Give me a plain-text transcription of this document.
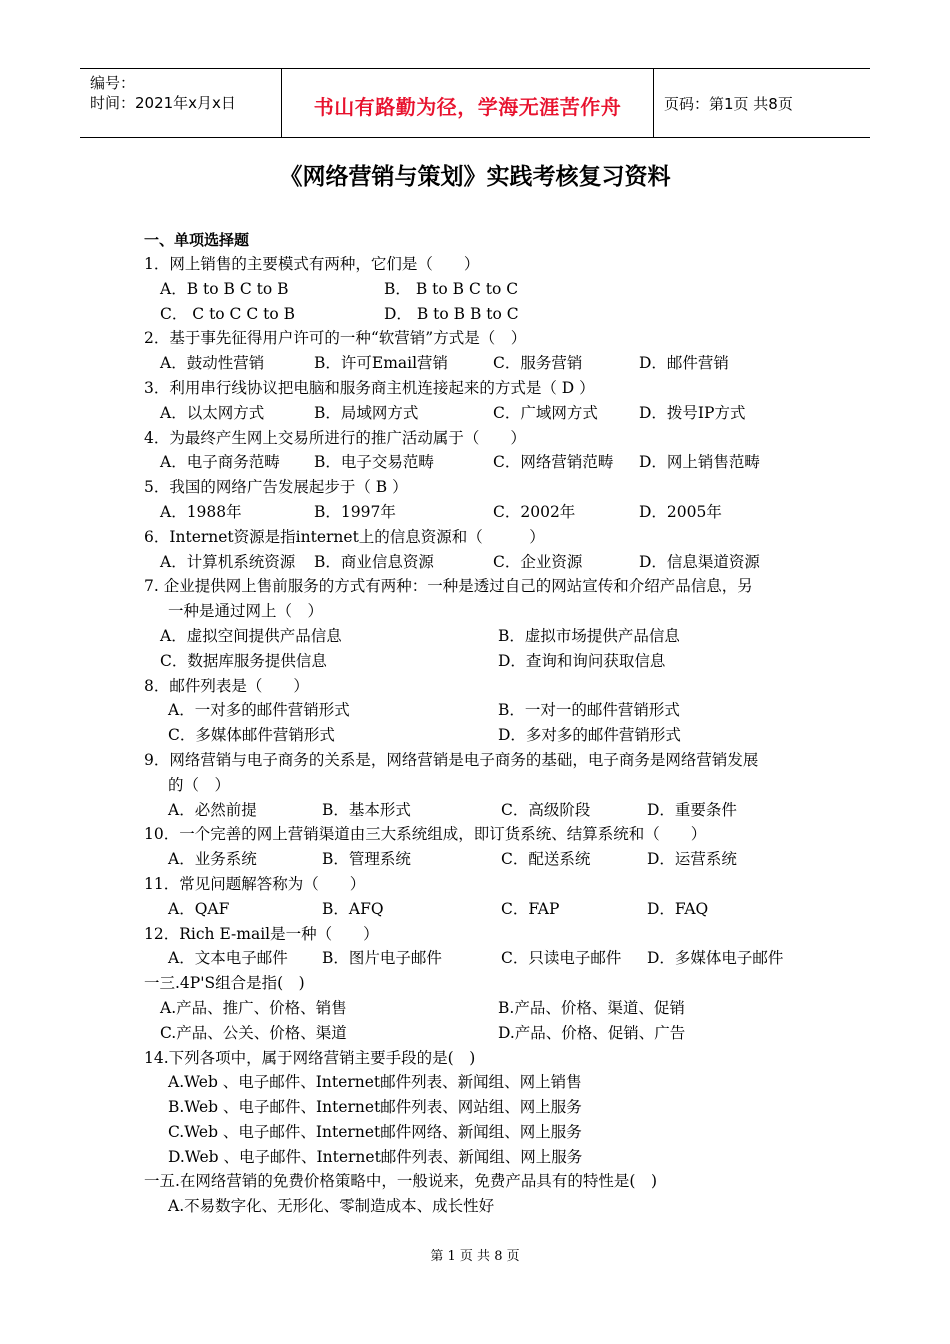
编号：
时间：2021年x月x日	书山有路勤为径，学海无涯苦作舟	页码：第1页 共8页
《网络营销与策划》实践考核复习资料
一、单项选择题
1．网上销售的主要模式有两种，它们是（　　）
A．B to B C to B	B． B to B C to C
C． C to C C to B	D． B to B B to C
2．基于事先征得用户许可的一种“软营销”方式是（　）
A．鼓动性营销	B．许可Email营销	C．服务营销	D．邮件营销
3．利用串行线协议把电脑和服务商主机连接起来的方式是（ D ）
A．以太网方式	B．局域网方式	C．广域网方式	D．拨号IP方式
4．为最终产生网上交易所进行的推广活动属于（　　）
A．电子商务范畴 B．电子交易范畴	C．网络营销范畴 D．网上销售范畴
5．我国的网络广告发展起步于（ B ）
A．1988年	B．1997年	C．2002年	D．2005年
6．Internet资源是指internet上的信息资源和（　　　）
A．计算机系统资源 B．商业信息资源	C．企业资源	D．信息渠道资源
7. 企业提供网上售前服务的方式有两种：一种是透过自己的网站宣传和介绍产品信息，另
一种是通过网上（　）
A．虚拟空间提供产品信息	B．虚拟市场提供产品信息
C．数据库服务提供信息	D．查询和询问获取信息
8．邮件列表是（　　）
A．一对多的邮件营销形式	B．一对一的邮件营销形式
C．多媒体邮件营销形式	D．多对多的邮件营销形式
9．网络营销与电子商务的关系是，网络营销是电子商务的基础，电子商务是网络营销发展
的（　）
A．必然前提	B．基本形式	C．高级阶段	D．重要条件
10．一个完善的网上营销渠道由三大系统组成，即订货系统、结算系统和（　　）
A．业务系统	B．管理系统	C．配送系统	D．运营系统
11．常见问题解答称为（　　）
A．QAF	B．AFQ	C．FAP	D．FAQ
12．Rich E-mail是一种（　　）
A．文本电子邮件 B．图片电子邮件	C．只读电子邮件 D．多媒体电子邮件
一三.4P'S组合是指(　)
A.产品、推广、价格、销售	B.产品、价格、渠道、促销
C.产品、公关、价格、渠道	D.产品、价格、促销、广告
14.下列各项中，属于网络营销主要手段的是(　)
A.Web 、电子邮件、Internet邮件列表、新闻组、网上销售
B.Web 、电子邮件、Internet邮件列表、网站组、网上服务
C.Web 、电子邮件、Internet邮件网络、新闻组、网上服务
D.Web 、电子邮件、Internet邮件列表、新闻组、网上服务
一五.在网络营销的免费价格策略中，一般说来，免费产品具有的特性是(　)
A.不易数字化、无形化、零制造成本、成长性好
第 1 页 共 8 页
